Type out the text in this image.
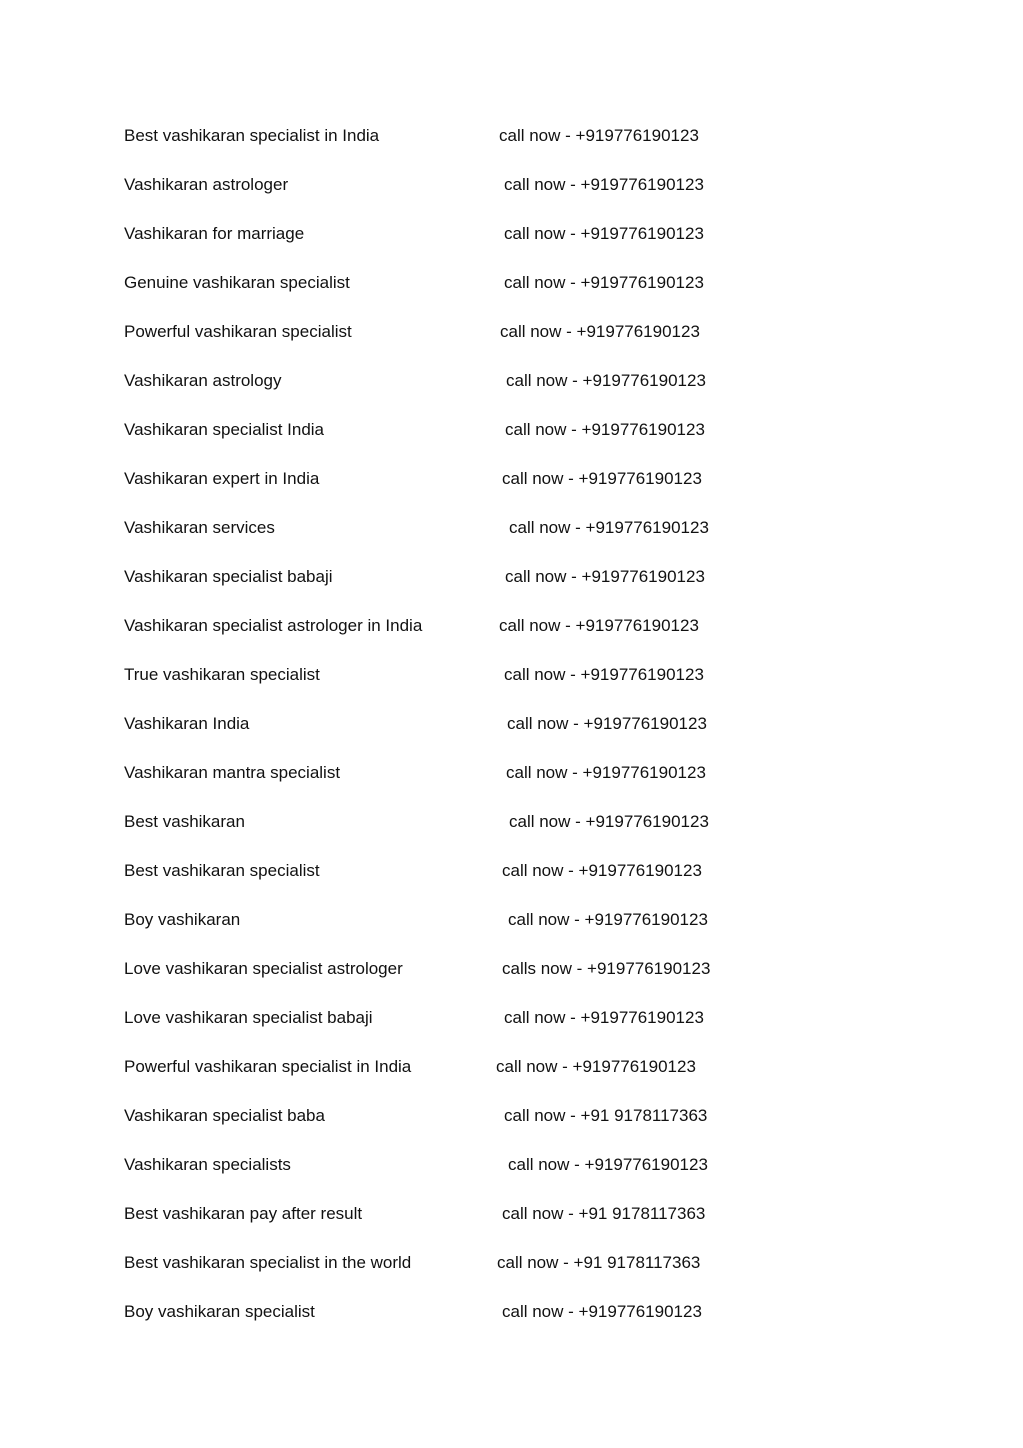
Best vashikaran specialist in India	call now - +919776190123
Vashikaran astrologer	call now - +919776190123
Vashikaran for marriage	call now - +919776190123
Genuine vashikaran specialist	call now - +919776190123
Powerful vashikaran specialist	call now - +919776190123
Vashikaran astrology	call now - +919776190123
Vashikaran specialist India	call now - +919776190123
Vashikaran expert in India	call now - +919776190123
Vashikaran services	call now - +919776190123
Vashikaran specialist babaji	call now - +919776190123
Vashikaran specialist astrologer in India	call now - +919776190123
True vashikaran specialist	call now - +919776190123
Vashikaran India	call now - +919776190123
Vashikaran mantra specialist	call now - +919776190123
Best vashikaran	call now - +919776190123
Best vashikaran specialist	call now - +919776190123
Boy vashikaran	call now - +919776190123
Love vashikaran specialist astrologer	calls now - +919776190123
Love vashikaran specialist babaji	call now - +919776190123
Powerful vashikaran specialist in India	call now - +919776190123
Vashikaran specialist baba	call now - +91 9178117363
Vashikaran specialists	call now - +919776190123
Best vashikaran pay after result	call now - +91 9178117363
Best vashikaran specialist in the world	call now - +91 9178117363
Boy vashikaran specialist	call now - +919776190123
